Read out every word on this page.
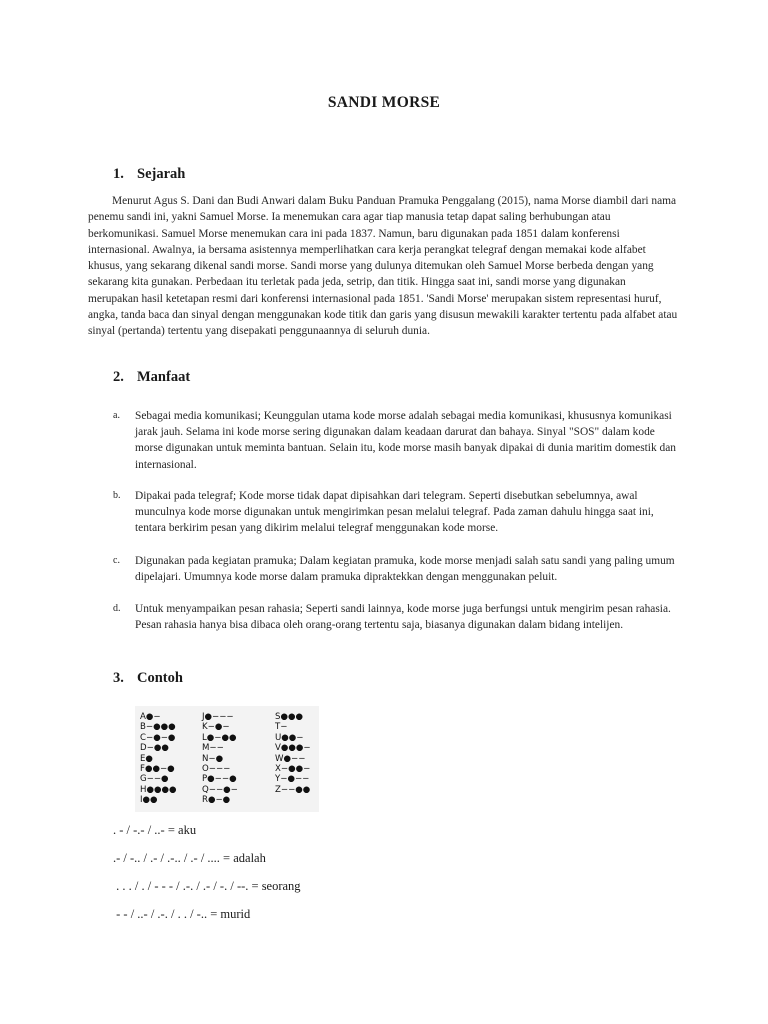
SANDI MORSE
1. Sejarah
Menurut Agus S. Dani dan Budi Anwari dalam Buku Panduan Pramuka Penggalang (2015), nama Morse diambil dari nama penemu sandi ini, yakni Samuel Morse. Ia menemukan cara agar tiap manusia tetap dapat saling berhubungan atau berkomunikasi. Samuel Morse menemukan cara ini pada 1837. Namun, baru digunakan pada 1851 dalam konferensi internasional. Awalnya, ia bersama asistennya memperlihatkan cara kerja perangkat telegraf dengan memakai kode alfabet khusus, yang sekarang dikenal sandi morse. Sandi morse yang dulunya ditemukan oleh Samuel Morse berbeda dengan yang sekarang kita gunakan. Perbedaan itu terletak pada jeda, setrip, dan titik. Hingga saat ini, sandi morse yang digunakan merupakan hasil ketetapan resmi dari konferensi internasional pada 1851. 'Sandi Morse' merupakan sistem representasi huruf, angka, tanda baca dan sinyal dengan menggunakan kode titik dan garis yang disusun mewakili karakter tertentu pada alfabet atau sinyal (pertanda) tertentu yang disepakati penggunaannya di seluruh dunia.
2. Manfaat
a. Sebagai media komunikasi; Keunggulan utama kode morse adalah sebagai media komunikasi, khususnya komunikasi jarak jauh. Selama ini kode morse sering digunakan dalam keadaan darurat dan bahaya. Sinyal "SOS" dalam kode morse digunakan untuk meminta bantuan. Selain itu, kode morse masih banyak dipakai di dunia maritim domestik dan internasional.
b. Dipakai pada telegraf; Kode morse tidak dapat dipisahkan dari telegram. Seperti disebutkan sebelumnya, awal munculnya kode morse digunakan untuk mengirimkan pesan melalui telegraf. Pada zaman dahulu hingga saat ini, tentara berkirim pesan yang dikirim melalui telegraf menggunakan kode morse.
c. Digunakan pada kegiatan pramuka; Dalam kegiatan pramuka, kode morse menjadi salah satu sandi yang paling umum dipelajari. Umumnya kode morse dalam pramuka dipraktekkan dengan menggunakan peluit.
d. Untuk menyampaikan pesan rahasia; Seperti sandi lainnya, kode morse juga berfungsi untuk mengirim pesan rahasia. Pesan rahasia hanya bisa dibaca oleh orang-orang tertentu saja, biasanya digunakan dalam bidang intelijen.
3. Contoh
A●−
B−●●●
C−●−●
D−●●
E●
F●●−●
G−−●
H●●●●
I●●
J●−−−
K−●−
L●−●●
M−−
N−●
O−−−
P●−−●
Q−−●−
R●−●
S●●●
T−
U●●−
V●●●−
W●−−
X−●●−
Y−●−−
Z−−●●
. - / -.- / ..- = aku
.- / -.. / .- / .-.. / .- / .... = adalah
. . . / . / - - - / .-. / .- / -. / --. = seorang
- - / ..- / .-. / . . / -.. = murid
